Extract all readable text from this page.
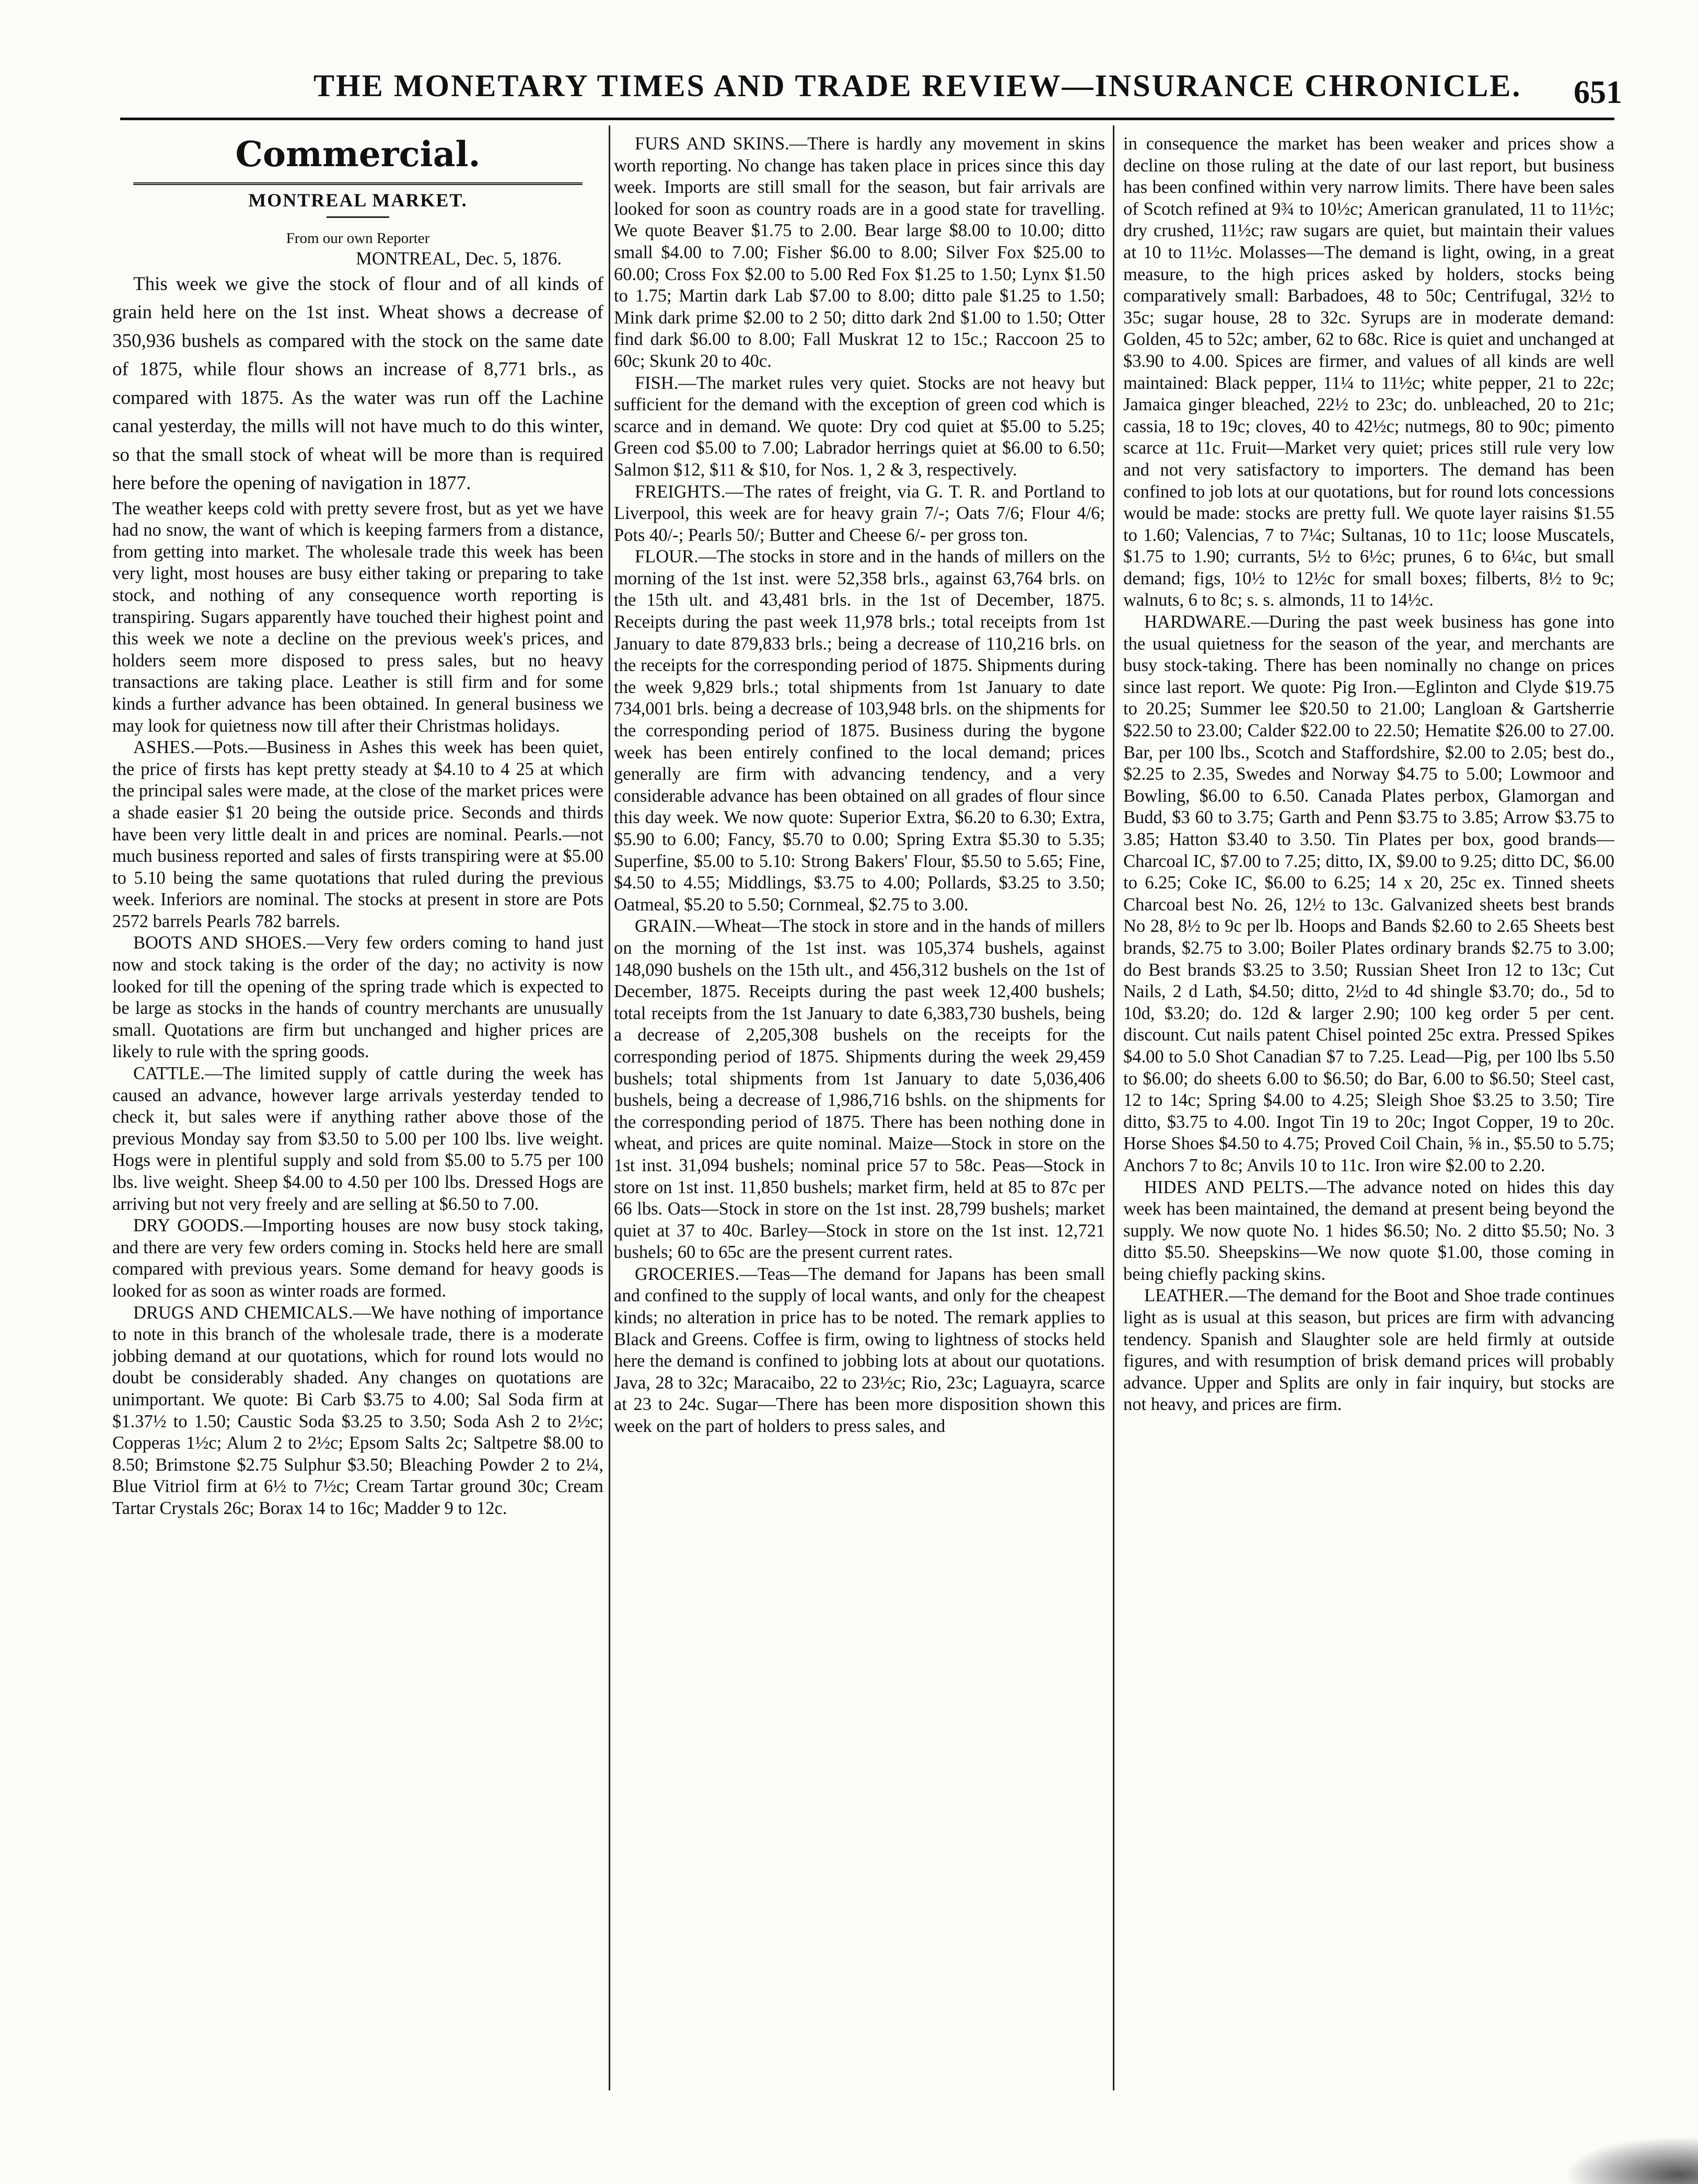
THE MONETARY TIMES AND TRADE REVIEW—INSURANCE CHRONICLE. 651
Commercial.
MONTREAL MARKET.
From our own Reporter
MONTREAL, Dec. 5, 1876.

This week we give the stock of flour and of all kinds of grain held here on the 1st inst. Wheat shows a decrease of 350,936 bushels as compared with the stock on the same date of 1875, while flour shows an increase of 8,771 brls., as compared with 1875. As the water was run off the Lachine canal yesterday, the mills will not have much to do this winter, so that the small stock of wheat will be more than is required here before the opening of navigation in 1877.

The weather keeps cold with pretty severe frost, but as yet we have had no snow, the want of which is keeping farmers from a distance, from getting into market. The wholesale trade this week has been very light, most houses are busy either taking or preparing to take stock, and nothing of any consequence worth reporting is transpiring. Sugars apparently have touched their highest point and this week we note a decline on the previous week's prices, and holders seem more disposed to press sales, but no heavy transactions are taking place. Leather is still firm and for some kinds a further advance has been obtained. In general business we may look for quietness now till after their Christmas holidays.

ASHES.—Pots.—Business in Ashes this week has been quiet, the price of firsts has kept pretty steady at $4.10 to 4 25 at which the principal sales were made, at the close of the market prices were a shade easier $1 20 being the outside price. Seconds and thirds have been very little dealt in and prices are nominal. Pearls.—not much business reported and sales of firsts transpiring were at $5.00 to 5.10 being the same quotations that ruled during the previous week. Inferiors are nominal. The stocks at present in store are Pots 2572 barrels Pearls 782 barrels.

BOOTS AND SHOES.—Very few orders coming to hand just now and stock taking is the order of the day; no activity is now looked for till the opening of the spring trade which is expected to be large as stocks in the hands of country merchants are unusually small. Quotations are firm but unchanged and higher prices are likely to rule with the spring goods.

CATTLE.—The limited supply of cattle during the week has caused an advance, however large arrivals yesterday tended to check it, but sales were if anything rather above those of the previous Monday say from $3.50 to 5.00 per 100 lbs. live weight. Hogs were in plentiful supply and sold from $5.00 to 5.75 per 100 lbs. live weight. Sheep $4.00 to 4.50 per 100 lbs. Dressed Hogs are arriving but not very freely and are selling at $6.50 to 7.00.

DRY GOODS.—Importing houses are now busy stock taking, and there are very few orders coming in. Stocks held here are small compared with previous years. Some demand for heavy goods is looked for as soon as winter roads are formed.

DRUGS AND CHEMICALS.—We have nothing of importance to note in this branch of the wholesale trade, there is a moderate jobbing demand at our quotations, which for round lots would no doubt be considerably shaded. Any changes on quotations are unimportant. We quote: Bi Carb $3.75 to 4.00; Sal Soda firm at $1.37½ to 1.50; Caustic Soda $3.25 to 3.50; Soda Ash 2 to 2½c; Copperas 1½c; Alum 2 to 2½c; Epsom Salts 2c; Saltpetre $8.00 to 8.50; Brimstone $2.75 Sulphur $3.50; Bleaching Powder 2 to 2¼, Blue Vitriol firm at 6½ to 7½c; Cream Tartar ground 30c; Cream Tartar Crystals 26c; Borax 14 to 16c; Madder 9 to 12c.

FURS AND SKINS.—There is hardly any movement in skins worth reporting. No change has taken place in prices since this day week. Imports are still small for the season, but fair arrivals are looked for soon as country roads are in a good state for travelling. We quote Beaver $1.75 to 2.00. Bear large $8.00 to 10.00; ditto small $4.00 to 7.00; Fisher $6.00 to 8.00; Silver Fox $25.00 to 60.00; Cross Fox $2.00 to 5.00 Red Fox $1.25 to 1.50; Lynx $1.50 to 1.75; Martin dark Lab $7.00 to 8.00; ditto pale $1.25 to 1.50; Mink dark prime $2.00 to 2 50; ditto dark 2nd $1.00 to 1.50; Otter find dark $6.00 to 8.00; Fall Muskrat 12 to 15c.; Raccoon 25 to 60c; Skunk 20 to 40c.

FISH.—The market rules very quiet. Stocks are not heavy but sufficient for the demand with the exception of green cod which is scarce and in demand. We quote: Dry cod quiet at $5.00 to 5.25; Green cod $5.00 to 7.00; Labrador herrings quiet at $6.00 to 6.50; Salmon $12, $11 & $10, for Nos. 1, 2 & 3, respectively.

FREIGHTS.—The rates of freight, via G. T. R. and Portland to Liverpool, this week are for heavy grain 7/-; Oats 7/6; Flour 4/6; Pots 40/-; Pearls 50/; Butter and Cheese 6/- per gross ton.

FLOUR.—The stocks in store and in the hands of millers on the morning of the 1st inst. were 52,358 brls., against 63,764 brls. on the 15th ult. and 43,481 brls. in the 1st of December, 1875. Receipts during the past week 11,978 brls.; total receipts from 1st January to date 879,833 brls.; being a decrease of 110,216 brls. on the receipts for the corresponding period of 1875. Shipments during the week 9,829 brls.; total shipments from 1st January to date 734,001 brls. being a decrease of 103,948 brls. on the shipments for the corresponding period of 1875. Business during the bygone week has been entirely confined to the local demand; prices generally are firm with advancing tendency, and a very considerable advance has been obtained on all grades of flour since this day week. We now quote: Superior Extra, $6.20 to 6.30; Extra, $5.90 to 6.00; Fancy, $5.70 to 0.00; Spring Extra $5.30 to 5.35; Superfine, $5.00 to 5.10: Strong Bakers' Flour, $5.50 to 5.65; Fine, $4.50 to 4.55; Middlings, $3.75 to 4.00; Pollards, $3.25 to 3.50; Oatmeal, $5.20 to 5.50; Cornmeal, $2.75 to 3.00.

GRAIN.—Wheat—The stock in store and in the hands of millers on the morning of the 1st inst. was 105,374 bushels, against 148,090 bushels on the 15th ult., and 456,312 bushels on the 1st of December, 1875. Receipts during the past week 12,400 bushels; total receipts from the 1st January to date 6,383,730 bushels, being a decrease of 2,205,308 bushels on the receipts for the corresponding period of 1875. Shipments during the week 29,459 bushels; total shipments from 1st January to date 5,036,406 bushels, being a decrease of 1,986,716 bshls. on the shipments for the corresponding period of 1875. There has been nothing done in wheat, and prices are quite nominal. Maize—Stock in store on the 1st inst. 31,094 bushels; nominal price 57 to 58c. Peas—Stock in store on 1st inst. 11,850 bushels; market firm, held at 85 to 87c per 66 lbs. Oats—Stock in store on the 1st inst. 28,799 bushels; market quiet at 37 to 40c. Barley—Stock in store on the 1st inst. 12,721 bushels; 60 to 65c are the present current rates.

GROCERIES.—Teas—The demand for Japans has been small and confined to the supply of local wants, and only for the cheapest kinds; no alteration in price has to be noted. The remark applies to Black and Greens. Coffee is firm, owing to lightness of stocks held here the demand is confined to jobbing lots at about our quotations. Java, 28 to 32c; Maracaibo, 22 to 23½c; Rio, 23c; Laguayra, scarce at 23 to 24c. Sugar—There has been more disposition shown this week on the part of holders to press sales, and

in consequence the market has been weaker and prices show a decline on those ruling at the date of our last report, but business has been confined within very narrow limits. There have been sales of Scotch refined at 9¾ to 10½c; American granulated, 11 to 11½c; dry crushed, 11½c; raw sugars are quiet, but maintain their values at 10 to 11½c. Molasses—The demand is light, owing, in a great measure, to the high prices asked by holders, stocks being comparatively small: Barbadoes, 48 to 50c; Centrifugal, 32½ to 35c; sugar house, 28 to 32c. Syrups are in moderate demand: Golden, 45 to 52c; amber, 62 to 68c. Rice is quiet and unchanged at $3.90 to 4.00. Spices are firmer, and values of all kinds are well maintained: Black pepper, 11¼ to 11½c; white pepper, 21 to 22c; Jamaica ginger bleached, 22½ to 23c; do. unbleached, 20 to 21c; cassia, 18 to 19c; cloves, 40 to 42½c; nutmegs, 80 to 90c; pimento scarce at 11c. Fruit—Market very quiet; prices still rule very low and not very satisfactory to importers. The demand has been confined to job lots at our quotations, but for round lots concessions would be made: stocks are pretty full. We quote layer raisins $1.55 to 1.60; Valencias, 7 to 7¼c; Sultanas, 10 to 11c; loose Muscatels, $1.75 to 1.90; currants, 5½ to 6½c; prunes, 6 to 6¼c, but small demand; figs, 10½ to 12½c for small boxes; filberts, 8½ to 9c; walnuts, 6 to 8c; s. s. almonds, 11 to 14½c.

HARDWARE.—During the past week business has gone into the usual quietness for the season of the year, and merchants are busy stock-taking. There has been nominally no change on prices since last report. We quote: Pig Iron.—Eglinton and Clyde $19.75 to 20.25; Summer lee $20.50 to 21.00; Langloan & Gartsherrie $22.50 to 23.00; Calder $22.00 to 22.50; Hematite $26.00 to 27.00. Bar, per 100 lbs., Scotch and Staffordshire, $2.00 to 2.05; best do., $2.25 to 2.35, Swedes and Norway $4.75 to 5.00; Lowmoor and Bowling, $6.00 to 6.50. Canada Plates perbox, Glamorgan and Budd, $3 60 to 3.75; Garth and Penn $3.75 to 3.85; Arrow $3.75 to 3.85; Hatton $3.40 to 3.50. Tin Plates per box, good brands—Charcoal IC, $7.00 to 7.25; ditto, IX, $9.00 to 9.25; ditto DC, $6.00 to 6.25; Coke IC, $6.00 to 6.25; 14 x 20, 25c ex. Tinned sheets Charcoal best No. 26, 12½ to 13c. Galvanized sheets best brands No 28, 8½ to 9c per lb. Hoops and Bands $2.60 to 2.65 Sheets best brands, $2.75 to 3.00; Boiler Plates ordinary brands $2.75 to 3.00; do Best brands $3.25 to 3.50; Russian Sheet Iron 12 to 13c; Cut Nails, 2 d Lath, $4.50; ditto, 2½d to 4d shingle $3.70; do., 5d to 10d, $3.20; do. 12d & larger 2.90; 100 keg order 5 per cent. discount. Cut nails patent Chisel pointed 25c extra. Pressed Spikes $4.00 to 5.0 Shot Canadian $7 to 7.25. Lead—Pig, per 100 lbs 5.50 to $6.00; do sheets 6.00 to $6.50; do Bar, 6.00 to $6.50; Steel cast, 12 to 14c; Spring $4.00 to 4.25; Sleigh Shoe $3.25 to 3.50; Tire ditto, $3.75 to 4.00. Ingot Tin 19 to 20c; Ingot Copper, 19 to 20c. Horse Shoes $4.50 to 4.75; Proved Coil Chain, ⅝ in., $5.50 to 5.75; Anchors 7 to 8c; Anvils 10 to 11c. Iron wire $2.00 to 2.20.

HIDES AND PELTS.—The advance noted on hides this day week has been maintained, the demand at present being beyond the supply. We now quote No. 1 hides $6.50; No. 2 ditto $5.50; No. 3 ditto $5.50. Sheepskins—We now quote $1.00, those coming in being chiefly packing skins.

LEATHER.—The demand for the Boot and Shoe trade continues light as is usual at this season, but prices are firm with advancing tendency. Spanish and Slaughter sole are held firmly at outside figures, and with resumption of brisk demand prices will probably advance. Upper and Splits are only in fair inquiry, but stocks are not heavy, and prices are firm.
